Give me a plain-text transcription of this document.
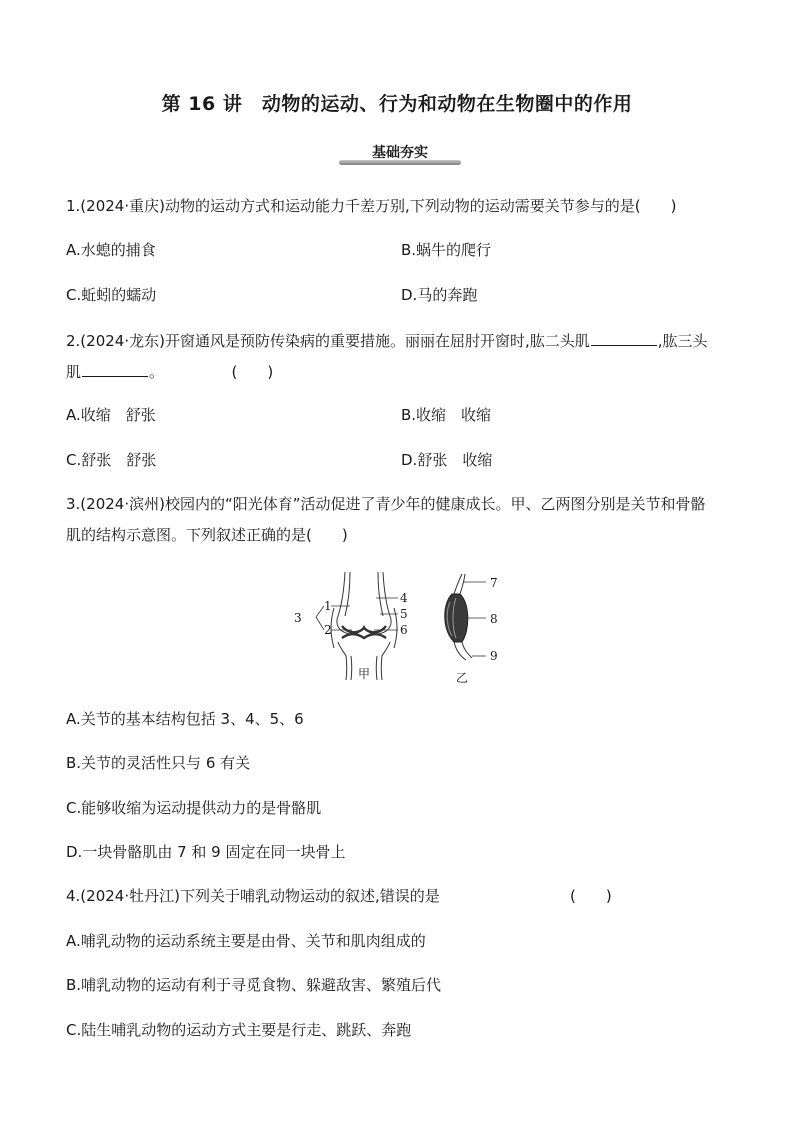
第 16 讲　动物的运动、行为和动物在生物圈中的作用
基础夯实
1.(2024·重庆)动物的运动方式和运动能力千差万别,下列动物的运动需要关节参与的是(　　)
A.水螅的捕食	B.蜗牛的爬行
C.蚯蚓的蠕动	D.马的奔跑
2.(2024·龙东)开窗通风是预防传染病的重要措施。丽丽在屈肘开窗时,肱二头肌	,肱三头
肌	。　　　　　(　　)
A.收缩　舒张	B.收缩　收缩
C.舒张　舒张	D.舒张　收缩
3.(2024·滨州)校园内的“阳光体育”活动促进了青少年的健康成长。甲、乙两图分别是关节和骨骼
肌的结构示意图。下列叙述正确的是(　　)
1
2
3
4
5
6
甲
7
8
9
乙
A.关节的基本结构包括 3、4、5、6
B.关节的灵活性只与 6 有关
C.能够收缩为运动提供动力的是骨骼肌
D.一块骨骼肌由 7 和 9 固定在同一块骨上
4.(2024·牡丹江)下列关于哺乳动物运动的叙述,错误的是	(　　)
A.哺乳动物的运动系统主要是由骨、关节和肌肉组成的
B.哺乳动物的运动有利于寻觅食物、躲避敌害、繁殖后代
C.陆生哺乳动物的运动方式主要是行走、跳跃、奔跑
